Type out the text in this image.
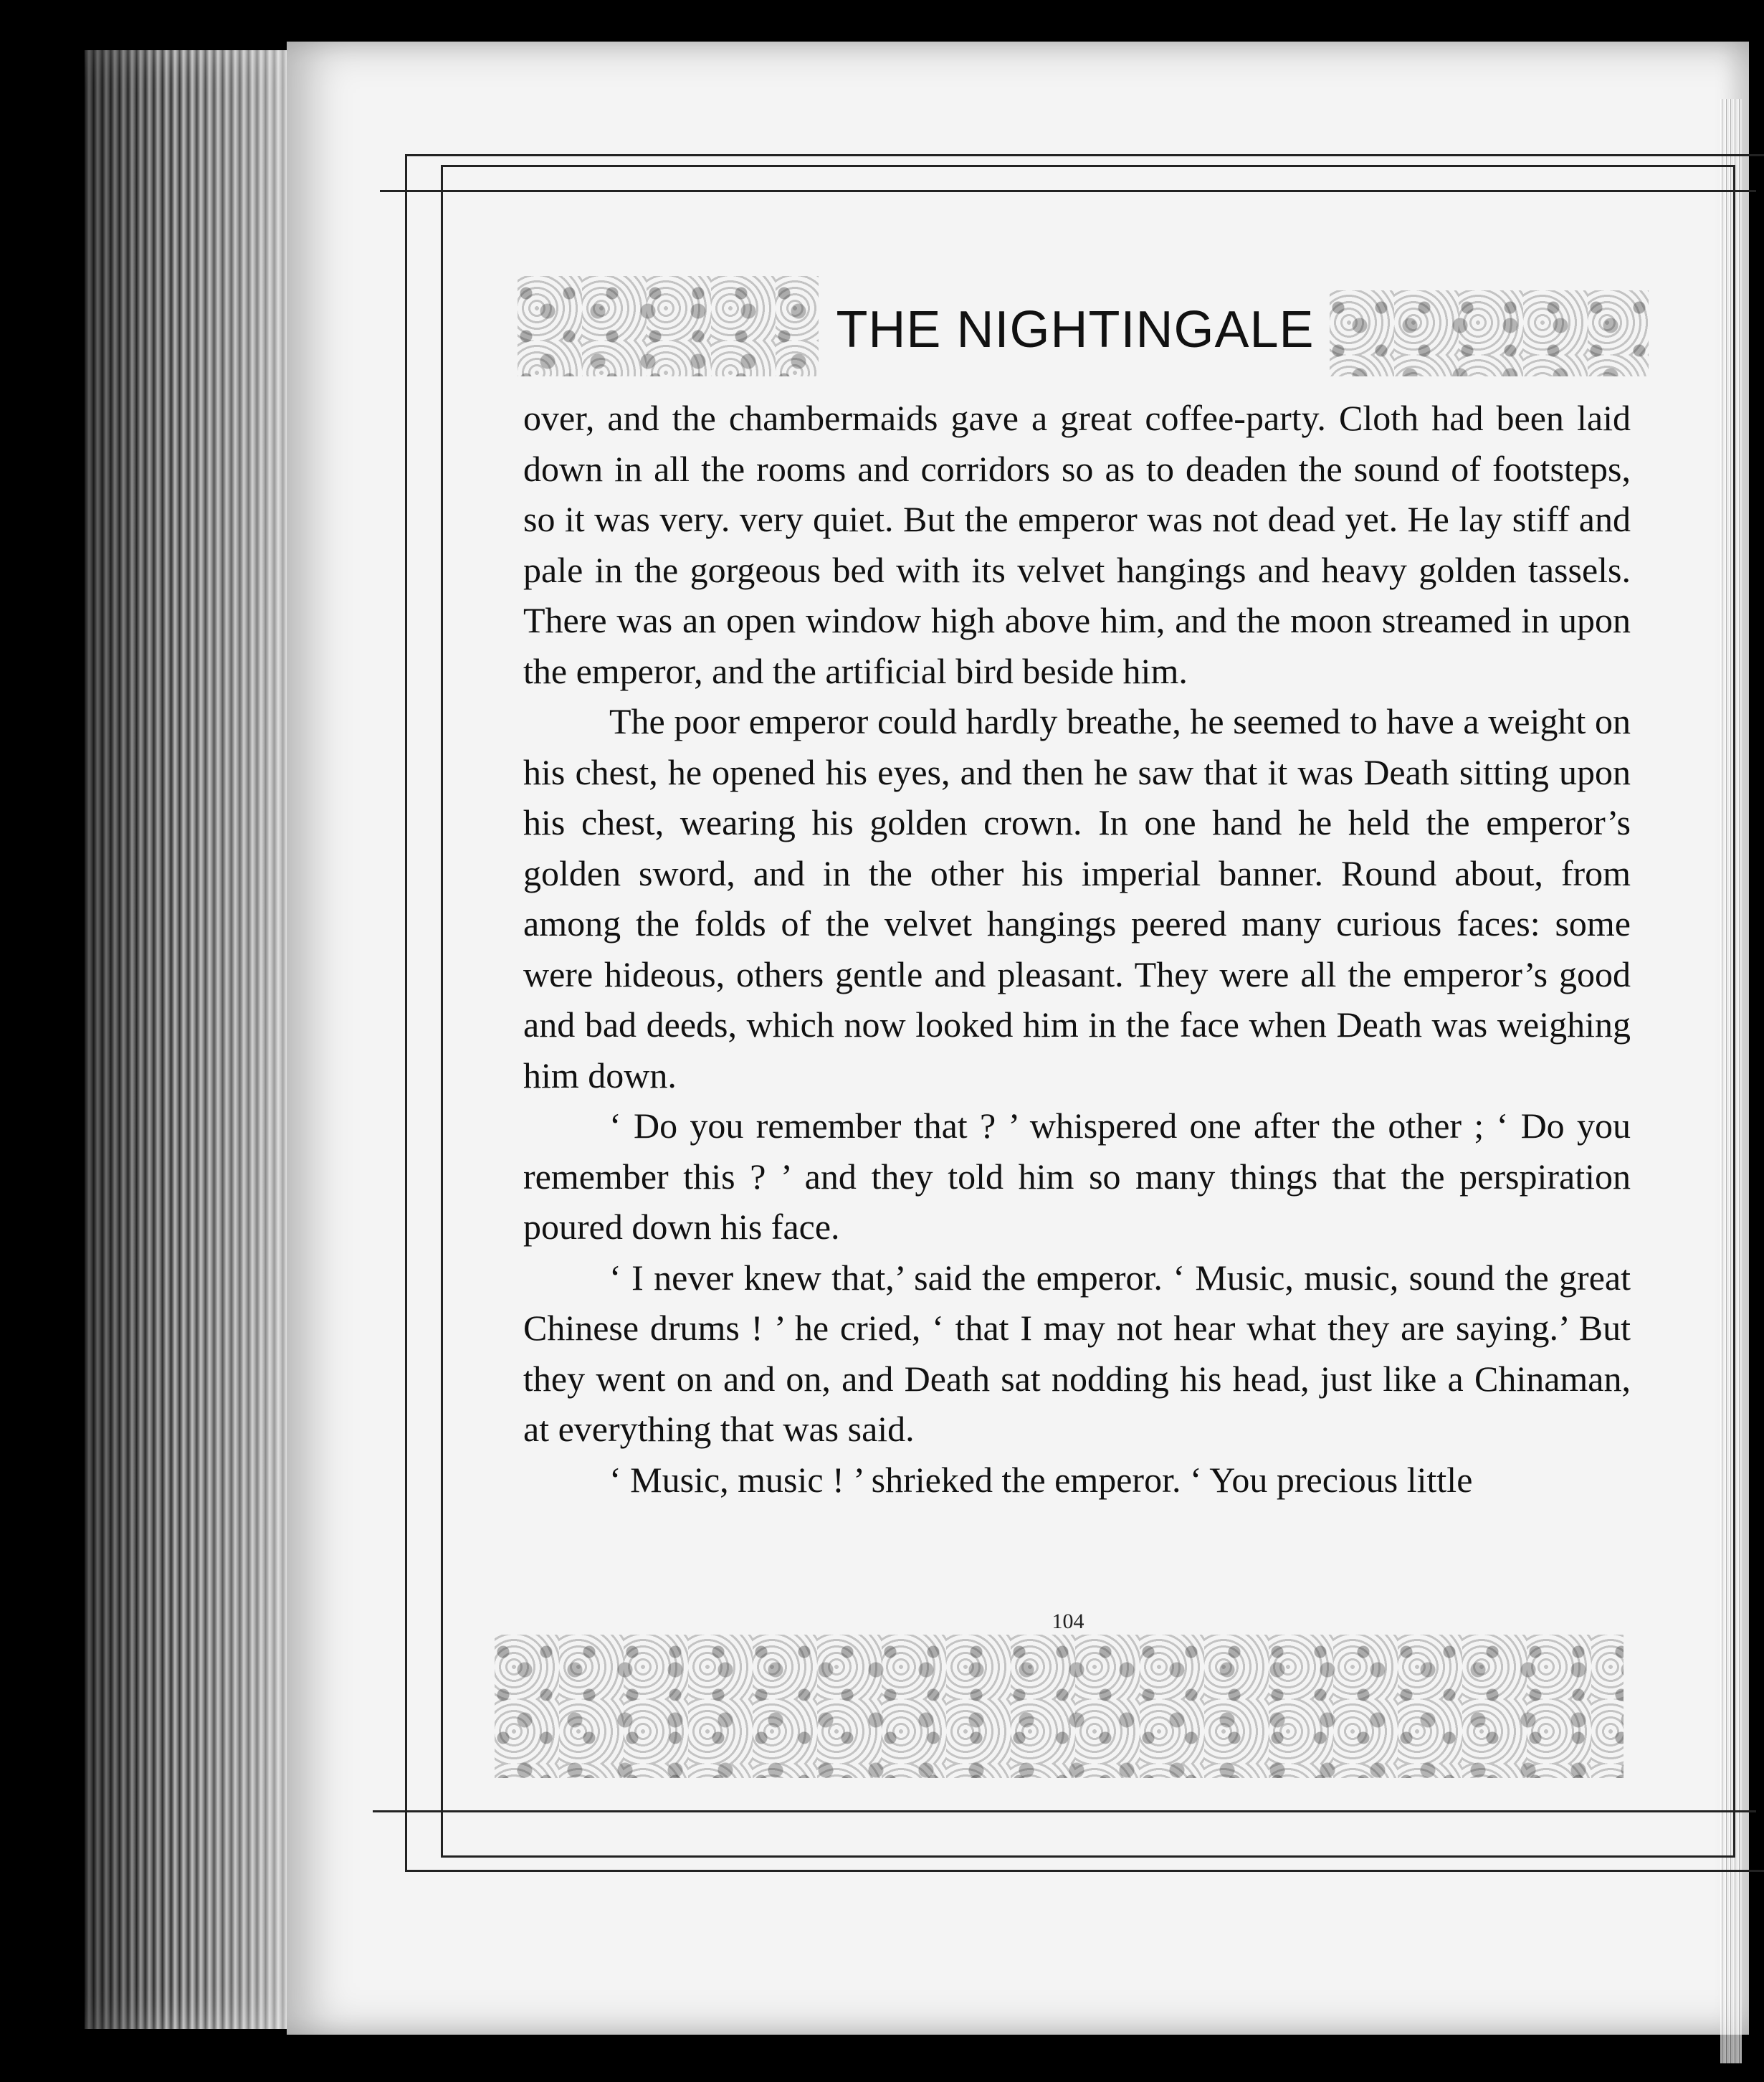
THE NIGHTINGALE

over, and the chambermaids gave a great coffee-party. Cloth had been laid down in all the rooms and corridors so as to deaden the sound of footsteps, so it was very. very quiet. But the emperor was not dead yet. He lay stiff and pale in the gorgeous bed with its velvet hangings and heavy golden tassels. There was an open window high above him, and the moon streamed in upon the emperor, and the artificial bird beside him.

The poor emperor could hardly breathe, he seemed to have a weight on his chest, he opened his eyes, and then he saw that it was Death sitting upon his chest, wearing his golden crown. In one hand he held the emperor’s golden sword, and in the other his imperial banner. Round about, from among the folds of the velvet hangings peered many curious faces: some were hideous, others gentle and pleasant. They were all the emperor’s good and bad deeds, which now looked him in the face when Death was weighing him down.

‘ Do you remember that ? ’ whispered one after the other ; ‘ Do you remember this ? ’ and they told him so many things that the perspiration poured down his face.

‘ I never knew that,’ said the emperor. ‘ Music, music, sound the great Chinese drums ! ’ he cried, ‘ that I may not hear what they are saying.’ But they went on and on, and Death sat nodding his head, just like a Chinaman, at everything that was said.

‘ Music, music ! ’ shrieked the emperor. ‘ You precious little

104
